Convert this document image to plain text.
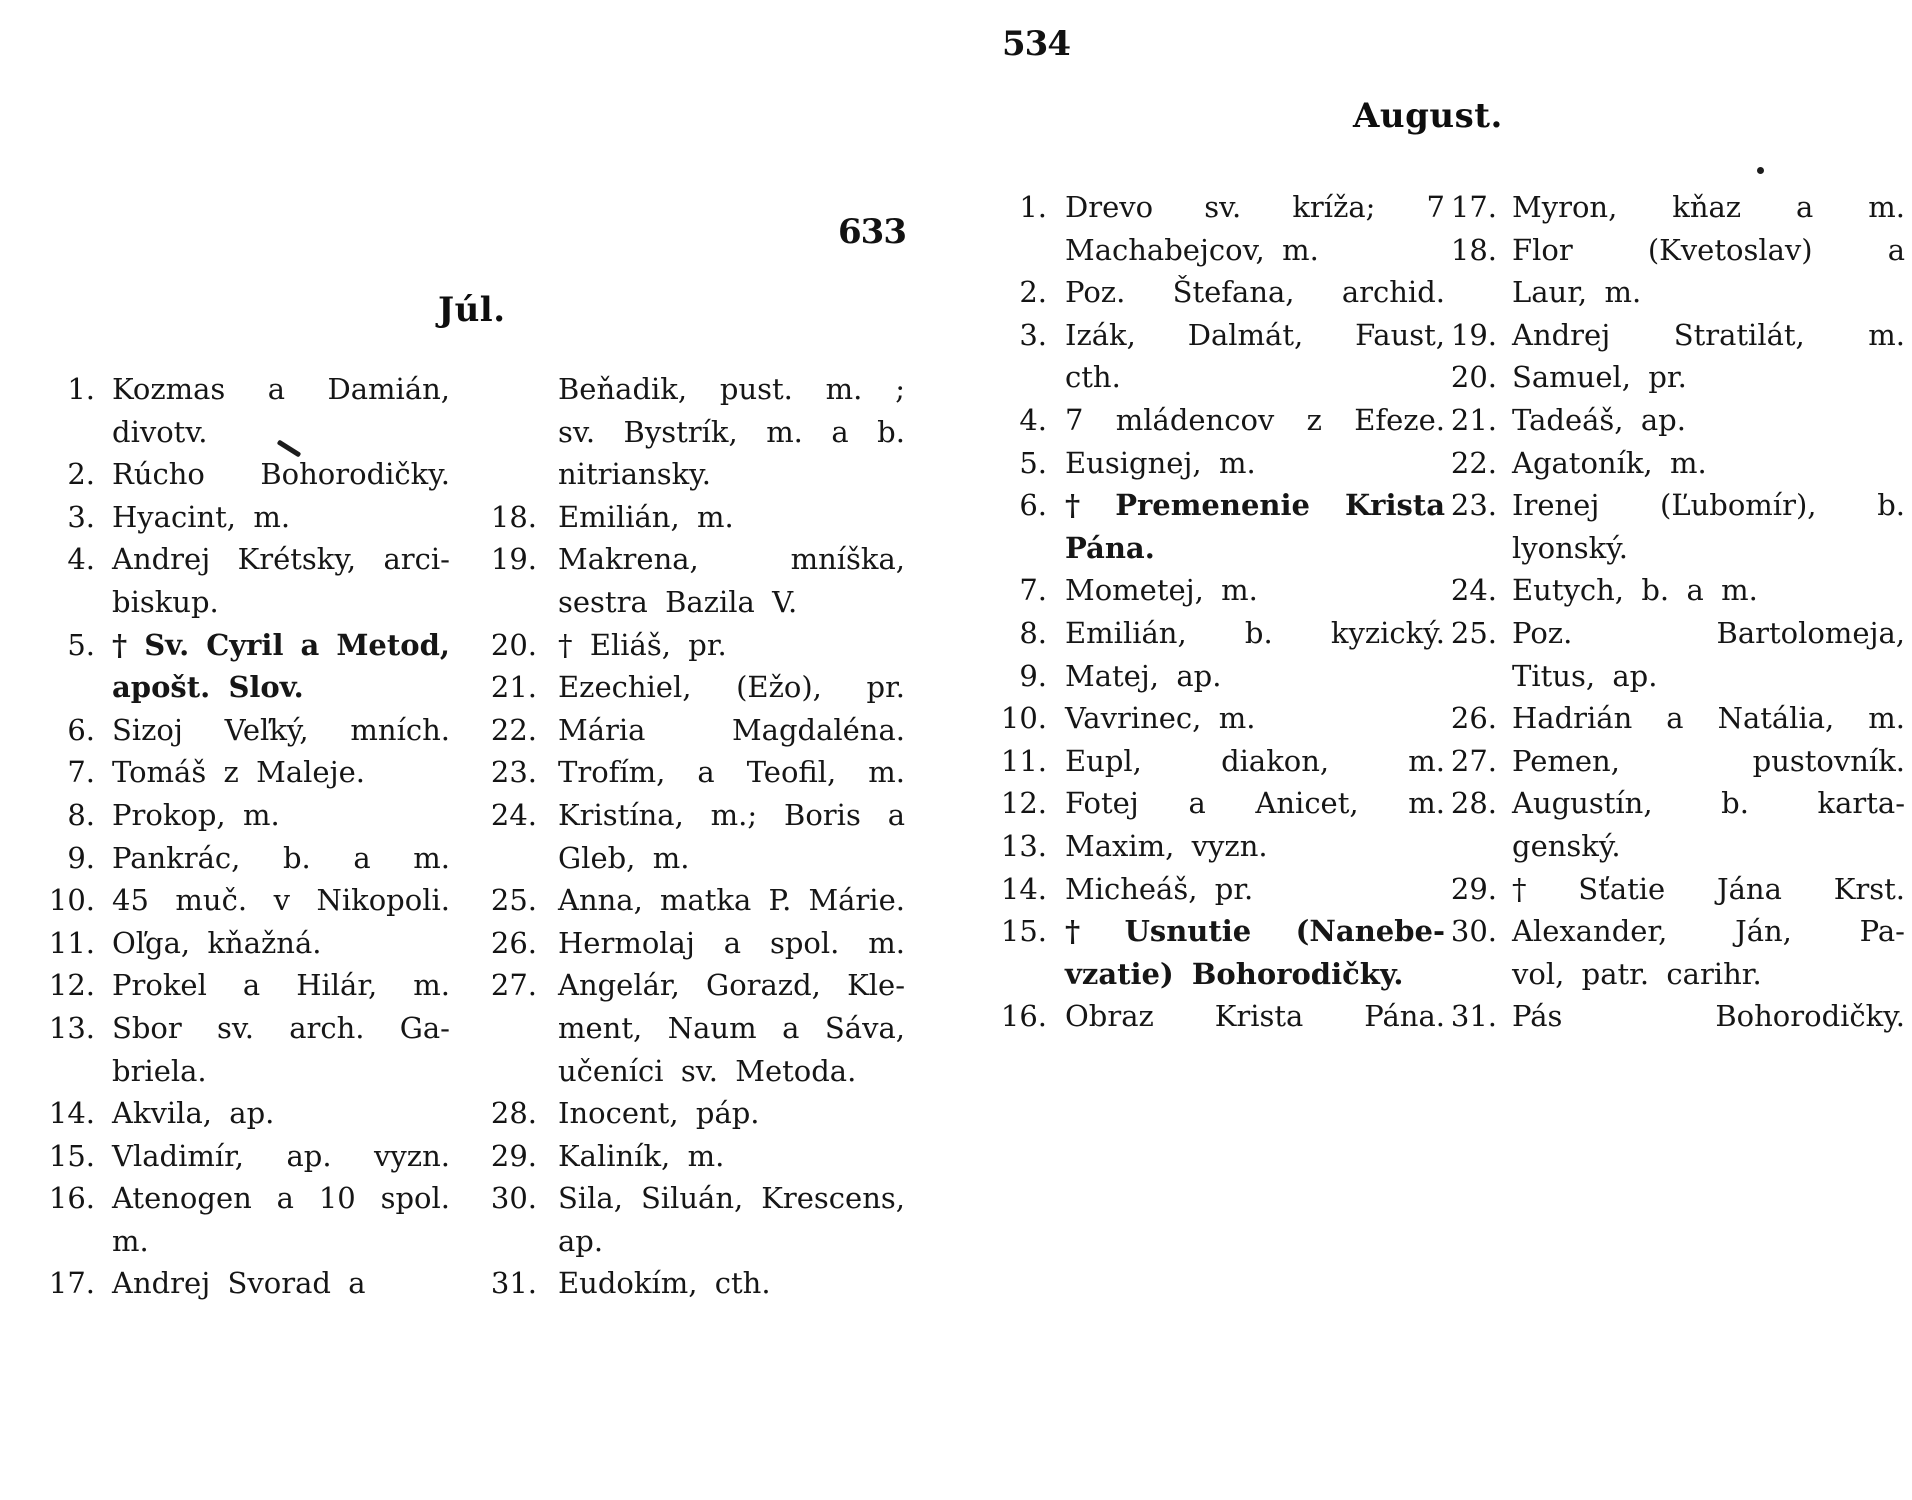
534
633
Júl.
August.
1. Kozmas a Damián,
divotv.
2. Rúcho Bohorodičky.
3. Hyacint, m.
4. Andrej Krétsky, arci-
biskup.
5. † Sv. Cyril a Metod,
apošt. Slov.
6. Sizoj Veľký, mních.
7. Tomáš z Maleje.
8. Prokop, m.
9. Pankrác, b. a m.
10. 45 muč. v Nikopoli.
11. Oľga, kňažná.
12. Prokel a Hilár, m.
13. Sbor sv. arch. Ga-
briela.
14. Akvila, ap.
15. Vladimír, ap. vyzn.
16. Atenogen a 10 spol.
m.
17. Andrej Svorad a
Beňadik, pust. m. ;
sv. Bystrík, m. a b.
nitriansky.
18. Emilián, m.
19. Makrena,	mníška,
sestra Bazila V.
20. † Eliáš, pr.
21. Ezechiel, (Ežo), pr.
22. Mária	Magdaléna.
23. Trofím, a Teofil, m.
24. Kristína, m.; Boris a
Gleb, m.
25. Anna, matka P. Márie.
26. Hermolaj a spol. m.
27. Angelár, Gorazd, Kle-
ment, Naum a Sáva,
učeníci sv. Metoda.
28. Inocent, páp.
29. Kaliník, m.
30. Sila, Siluán, Krescens,
ap.
31. Eudokím, cth.
1. Drevo sv. kríža; 7
Machabejcov, m.
2. Poz. Štefana, archid.
3. Izák, Dalmát, Faust,
cth.
4. 7 mládencov z Efeze.
5. Eusignej, m.
6. † Premenenie Krista
Pána.
7. Mometej, m.
8. Emilián, b. kyzický.
9. Matej, ap.
10. Vavrinec, m.
11. Eupl,	diakon,	m.
12. Fotej a Anicet, m.
13. Maxim, vyzn.
14. Micheáš, pr.
15. † Usnutie (Nanebe-
vzatie) Bohorodičky.
16. Obraz Krista Pána.
17. Myron, kňaz a m.
18. Flor	(Kvetoslav)	a
Laur, m.
19. Andrej Stratilát, m.
20. Samuel, pr.
21. Tadeáš, ap.
22. Agatoník, m.
23. Irenej (Ľubomír), b.
lyonský.
24. Eutych, b. a m.
25. Poz.	Bartolomeja,
Titus, ap.
26. Hadrián a Natália, m.
27. Pemen,	pustovník.
28. Augustín, b. karta-
genský.
29. † Sťatie Jána Krst.
30. Alexander, Ján, Pa-
vol, patr. carihr.
31. Pás	Bohorodičky.
